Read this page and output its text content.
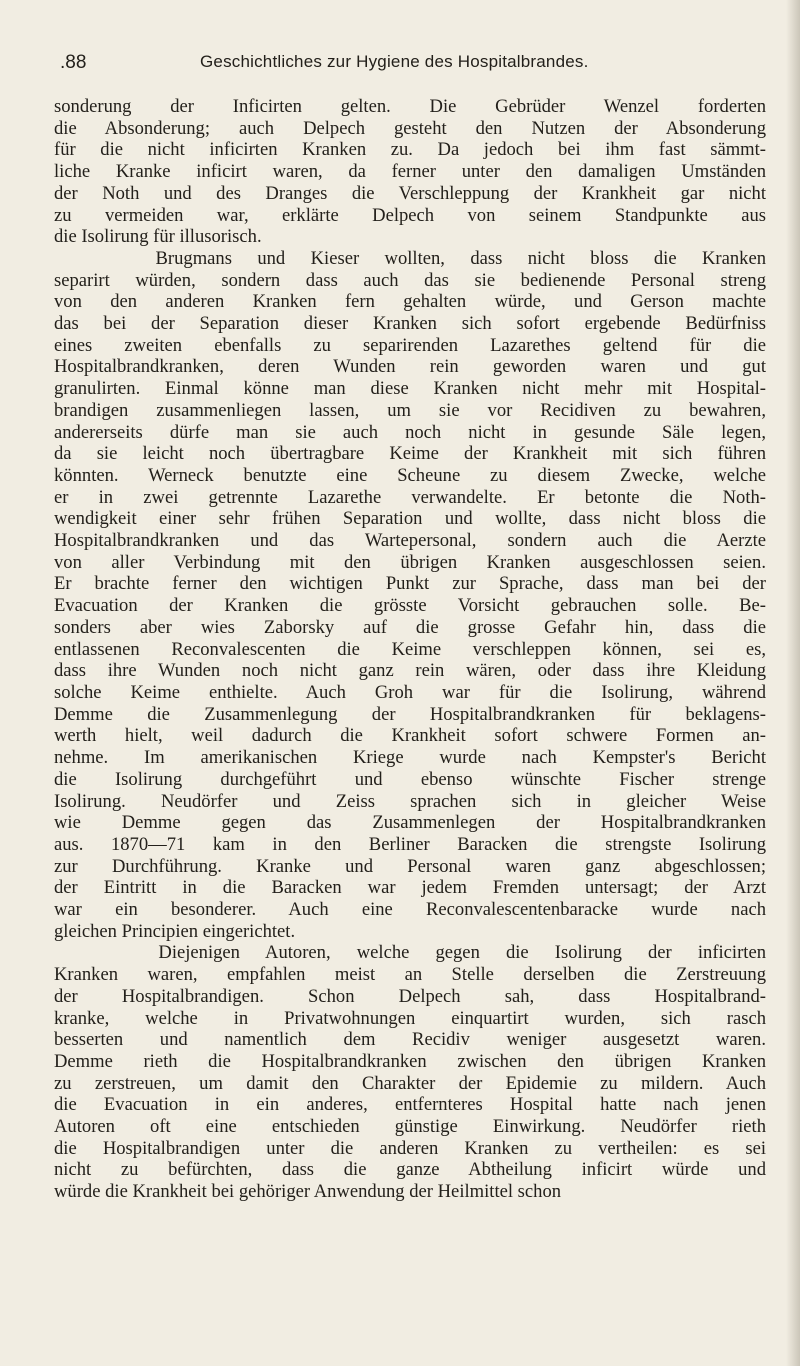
.88	Geschichtliches zur Hygiene des Hospitalbrandes.
sonderung der Inficirten gelten. Die Gebrüder Wenzel forderten
die Absonderung; auch Delpech gesteht den Nutzen der Absonderung
für die nicht inficirten Kranken zu. Da jedoch bei ihm fast sämmt-
liche Kranke inficirt waren, da ferner unter den damaligen Umständen
der Noth und des Dranges die Verschleppung der Krankheit gar nicht
zu vermeiden war, erklärte Delpech von seinem Standpunkte aus
die Isolirung für illusorisch.
Brugmans und Kieser wollten, dass nicht bloss die Kranken
separirt würden, sondern dass auch das sie bedienende Personal streng
von den anderen Kranken fern gehalten würde, und Gerson machte
das bei der Separation dieser Kranken sich sofort ergebende Bedürfniss
eines zweiten ebenfalls zu separirenden Lazarethes geltend für die
Hospitalbrandkranken, deren Wunden rein geworden waren und gut
granulirten. Einmal könne man diese Kranken nicht mehr mit Hospital-
brandigen zusammenliegen lassen, um sie vor Recidiven zu bewahren,
andererseits dürfe man sie auch noch nicht in gesunde Säle legen,
da sie leicht noch übertragbare Keime der Krankheit mit sich führen
könnten. Werneck benutzte eine Scheune zu diesem Zwecke, welche
er in zwei getrennte Lazarethe verwandelte. Er betonte die Noth-
wendigkeit einer sehr frühen Separation und wollte, dass nicht bloss die
Hospitalbrandkranken und das Wartepersonal, sondern auch die Aerzte
von aller Verbindung mit den übrigen Kranken ausgeschlossen seien.
Er brachte ferner den wichtigen Punkt zur Sprache, dass man bei der
Evacuation der Kranken die grösste Vorsicht gebrauchen solle. Be-
sonders aber wies Zaborsky auf die grosse Gefahr hin, dass die
entlassenen Reconvalescenten die Keime verschleppen können, sei es,
dass ihre Wunden noch nicht ganz rein wären, oder dass ihre Kleidung
solche Keime enthielte. Auch Groh war für die Isolirung, während
Demme die Zusammenlegung der Hospitalbrandkranken für beklagens-
werth hielt, weil dadurch die Krankheit sofort schwere Formen an-
nehme. Im amerikanischen Kriege wurde nach Kempster's Bericht
die Isolirung durchgeführt und ebenso wünschte Fischer strenge
Isolirung. Neudörfer und Zeiss sprachen sich in gleicher Weise
wie Demme gegen das Zusammenlegen der Hospitalbrandkranken
aus. 1870—71 kam in den Berliner Baracken die strengste Isolirung
zur Durchführung. Kranke und Personal waren ganz abgeschlossen;
der Eintritt in die Baracken war jedem Fremden untersagt; der Arzt
war ein besonderer. Auch eine Reconvalescentenbaracke wurde nach
gleichen Principien eingerichtet.
Diejenigen Autoren, welche gegen die Isolirung der inficirten
Kranken waren, empfahlen meist an Stelle derselben die Zerstreuung
der Hospitalbrandigen. Schon Delpech sah, dass Hospitalbrand-
kranke, welche in Privatwohnungen einquartirt wurden, sich rasch
besserten und namentlich dem Recidiv weniger ausgesetzt waren.
Demme rieth die Hospitalbrandkranken zwischen den übrigen Kranken
zu zerstreuen, um damit den Charakter der Epidemie zu mildern. Auch
die Evacuation in ein anderes, entfernteres Hospital hatte nach jenen
Autoren oft eine entschieden günstige Einwirkung. Neudörfer rieth
die Hospitalbrandigen unter die anderen Kranken zu vertheilen: es sei
nicht zu befürchten, dass die ganze Abtheilung inficirt würde und
würde die Krankheit bei gehöriger Anwendung der Heilmittel schon
